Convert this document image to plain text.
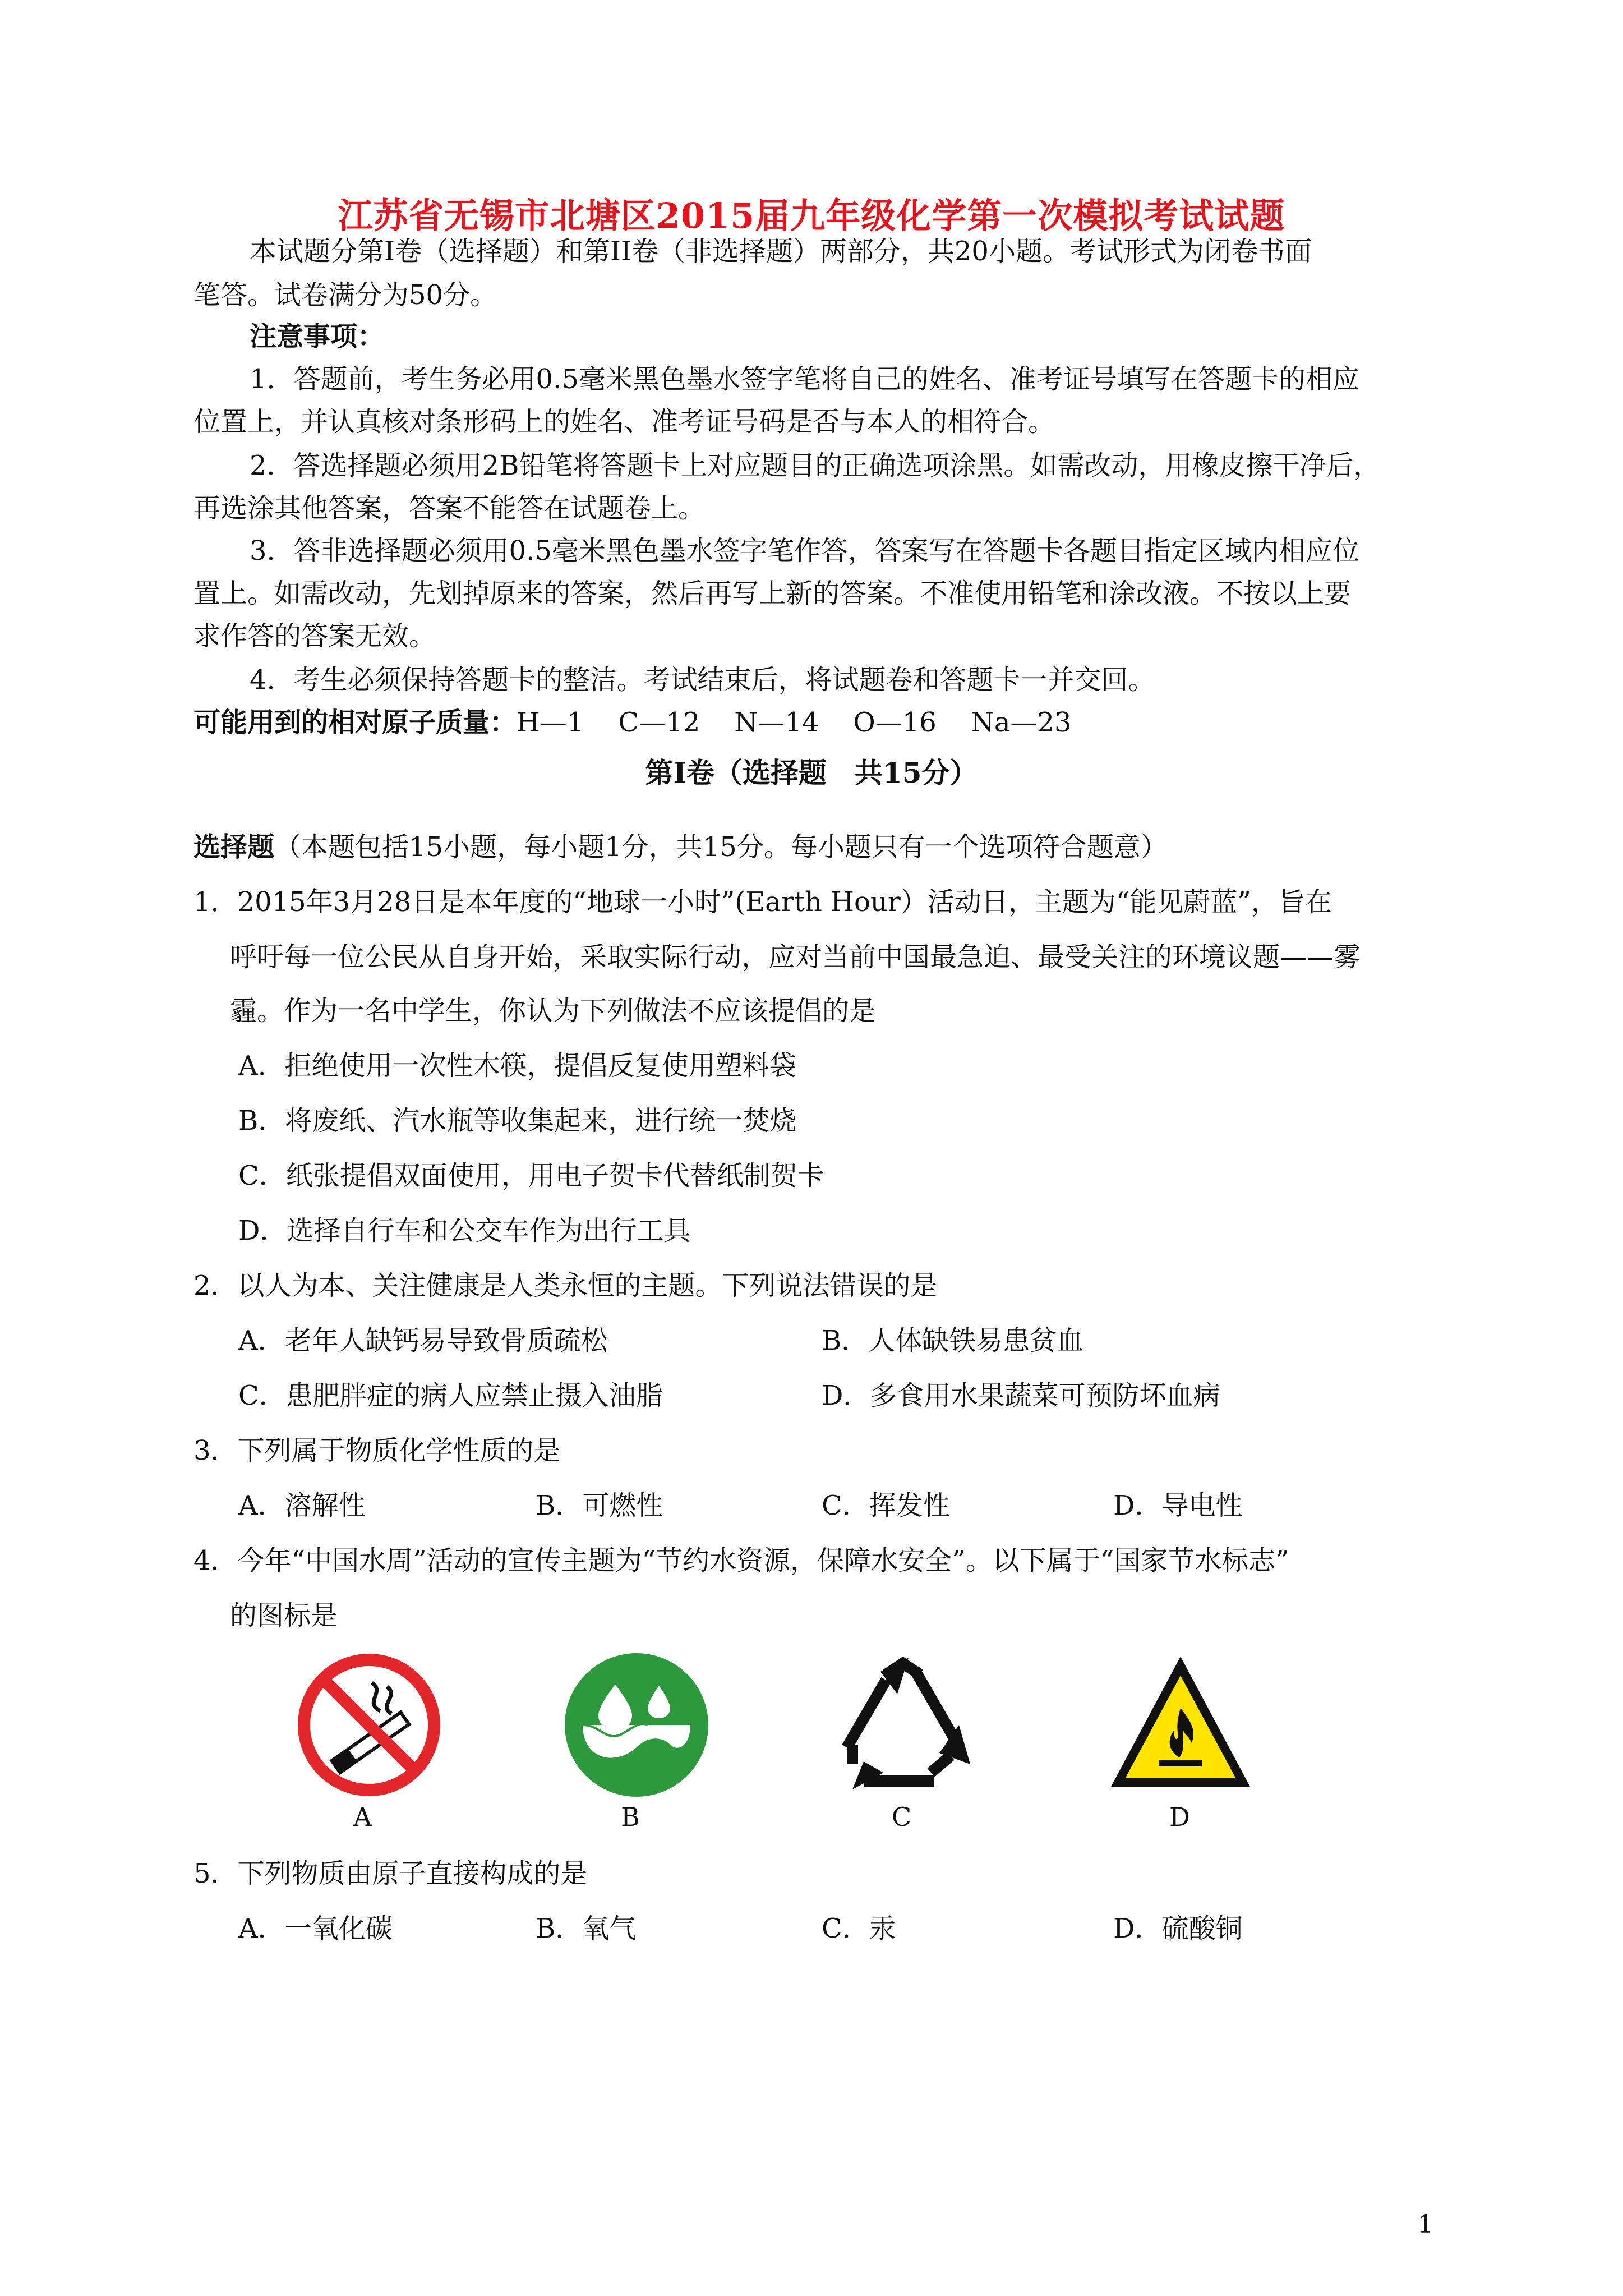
江苏省无锡市北塘区2015届九年级化学第一次模拟考试试题
本试题分第I卷（选择题）和第II卷（非选择题）两部分，共20小题。考试形式为闭卷书面
笔答。试卷满分为50分。
注意事项：
1．答题前，考生务必用0.5毫米黑色墨水签字笔将自己的姓名、准考证号填写在答题卡的相应
位置上，并认真核对条形码上的姓名、准考证号码是否与本人的相符合。
2．答选择题必须用2B铅笔将答题卡上对应题目的正确选项涂黑。如需改动，用橡皮擦干净后，
再选涂其他答案，答案不能答在试题卷上。
3．答非选择题必须用0.5毫米黑色墨水签字笔作答，答案写在答题卡各题目指定区域内相应位
置上。如需改动，先划掉原来的答案，然后再写上新的答案。不准使用铅笔和涂改液。不按以上要
求作答的答案无效。
4．考生必须保持答题卡的整洁。考试结束后，将试题卷和答题卡一并交回。
可能用到的相对原子质量：H—1    C—12    N—14    O—16    Na—23
第Ⅰ卷（选择题　共15分）
选择题（本题包括15小题，每小题1分，共15分。每小题只有一个选项符合题意）
1．2015年3月28日是本年度的“地球一小时”(Earth Hour）活动日，主题为“能见蔚蓝”，旨在
呼吁每一位公民从自身开始，采取实际行动，应对当前中国最急迫、最受关注的环境议题——雾
霾。作为一名中学生，你认为下列做法不应该提倡的是
A．拒绝使用一次性木筷，提倡反复使用塑料袋
B．将废纸、汽水瓶等收集起来，进行统一焚烧
C．纸张提倡双面使用，用电子贺卡代替纸制贺卡
D．选择自行车和公交车作为出行工具
2．以人为本、关注健康是人类永恒的主题。下列说法错误的是
A．老年人缺钙易导致骨质疏松	B．人体缺铁易患贫血
C．患肥胖症的病人应禁止摄入油脂	D．多食用水果蔬菜可预防坏血病
3．下列属于物质化学性质的是
A．溶解性	B．可燃性	C．挥发性	D．导电性
4．今年“中国水周”活动的宣传主题为“节约水资源，保障水安全”。以下属于“国家节水标志”
的图标是
A	B	C	D
5．下列物质由原子直接构成的是
A．一氧化碳	B．氧气	C．汞	D．硫酸铜
1
